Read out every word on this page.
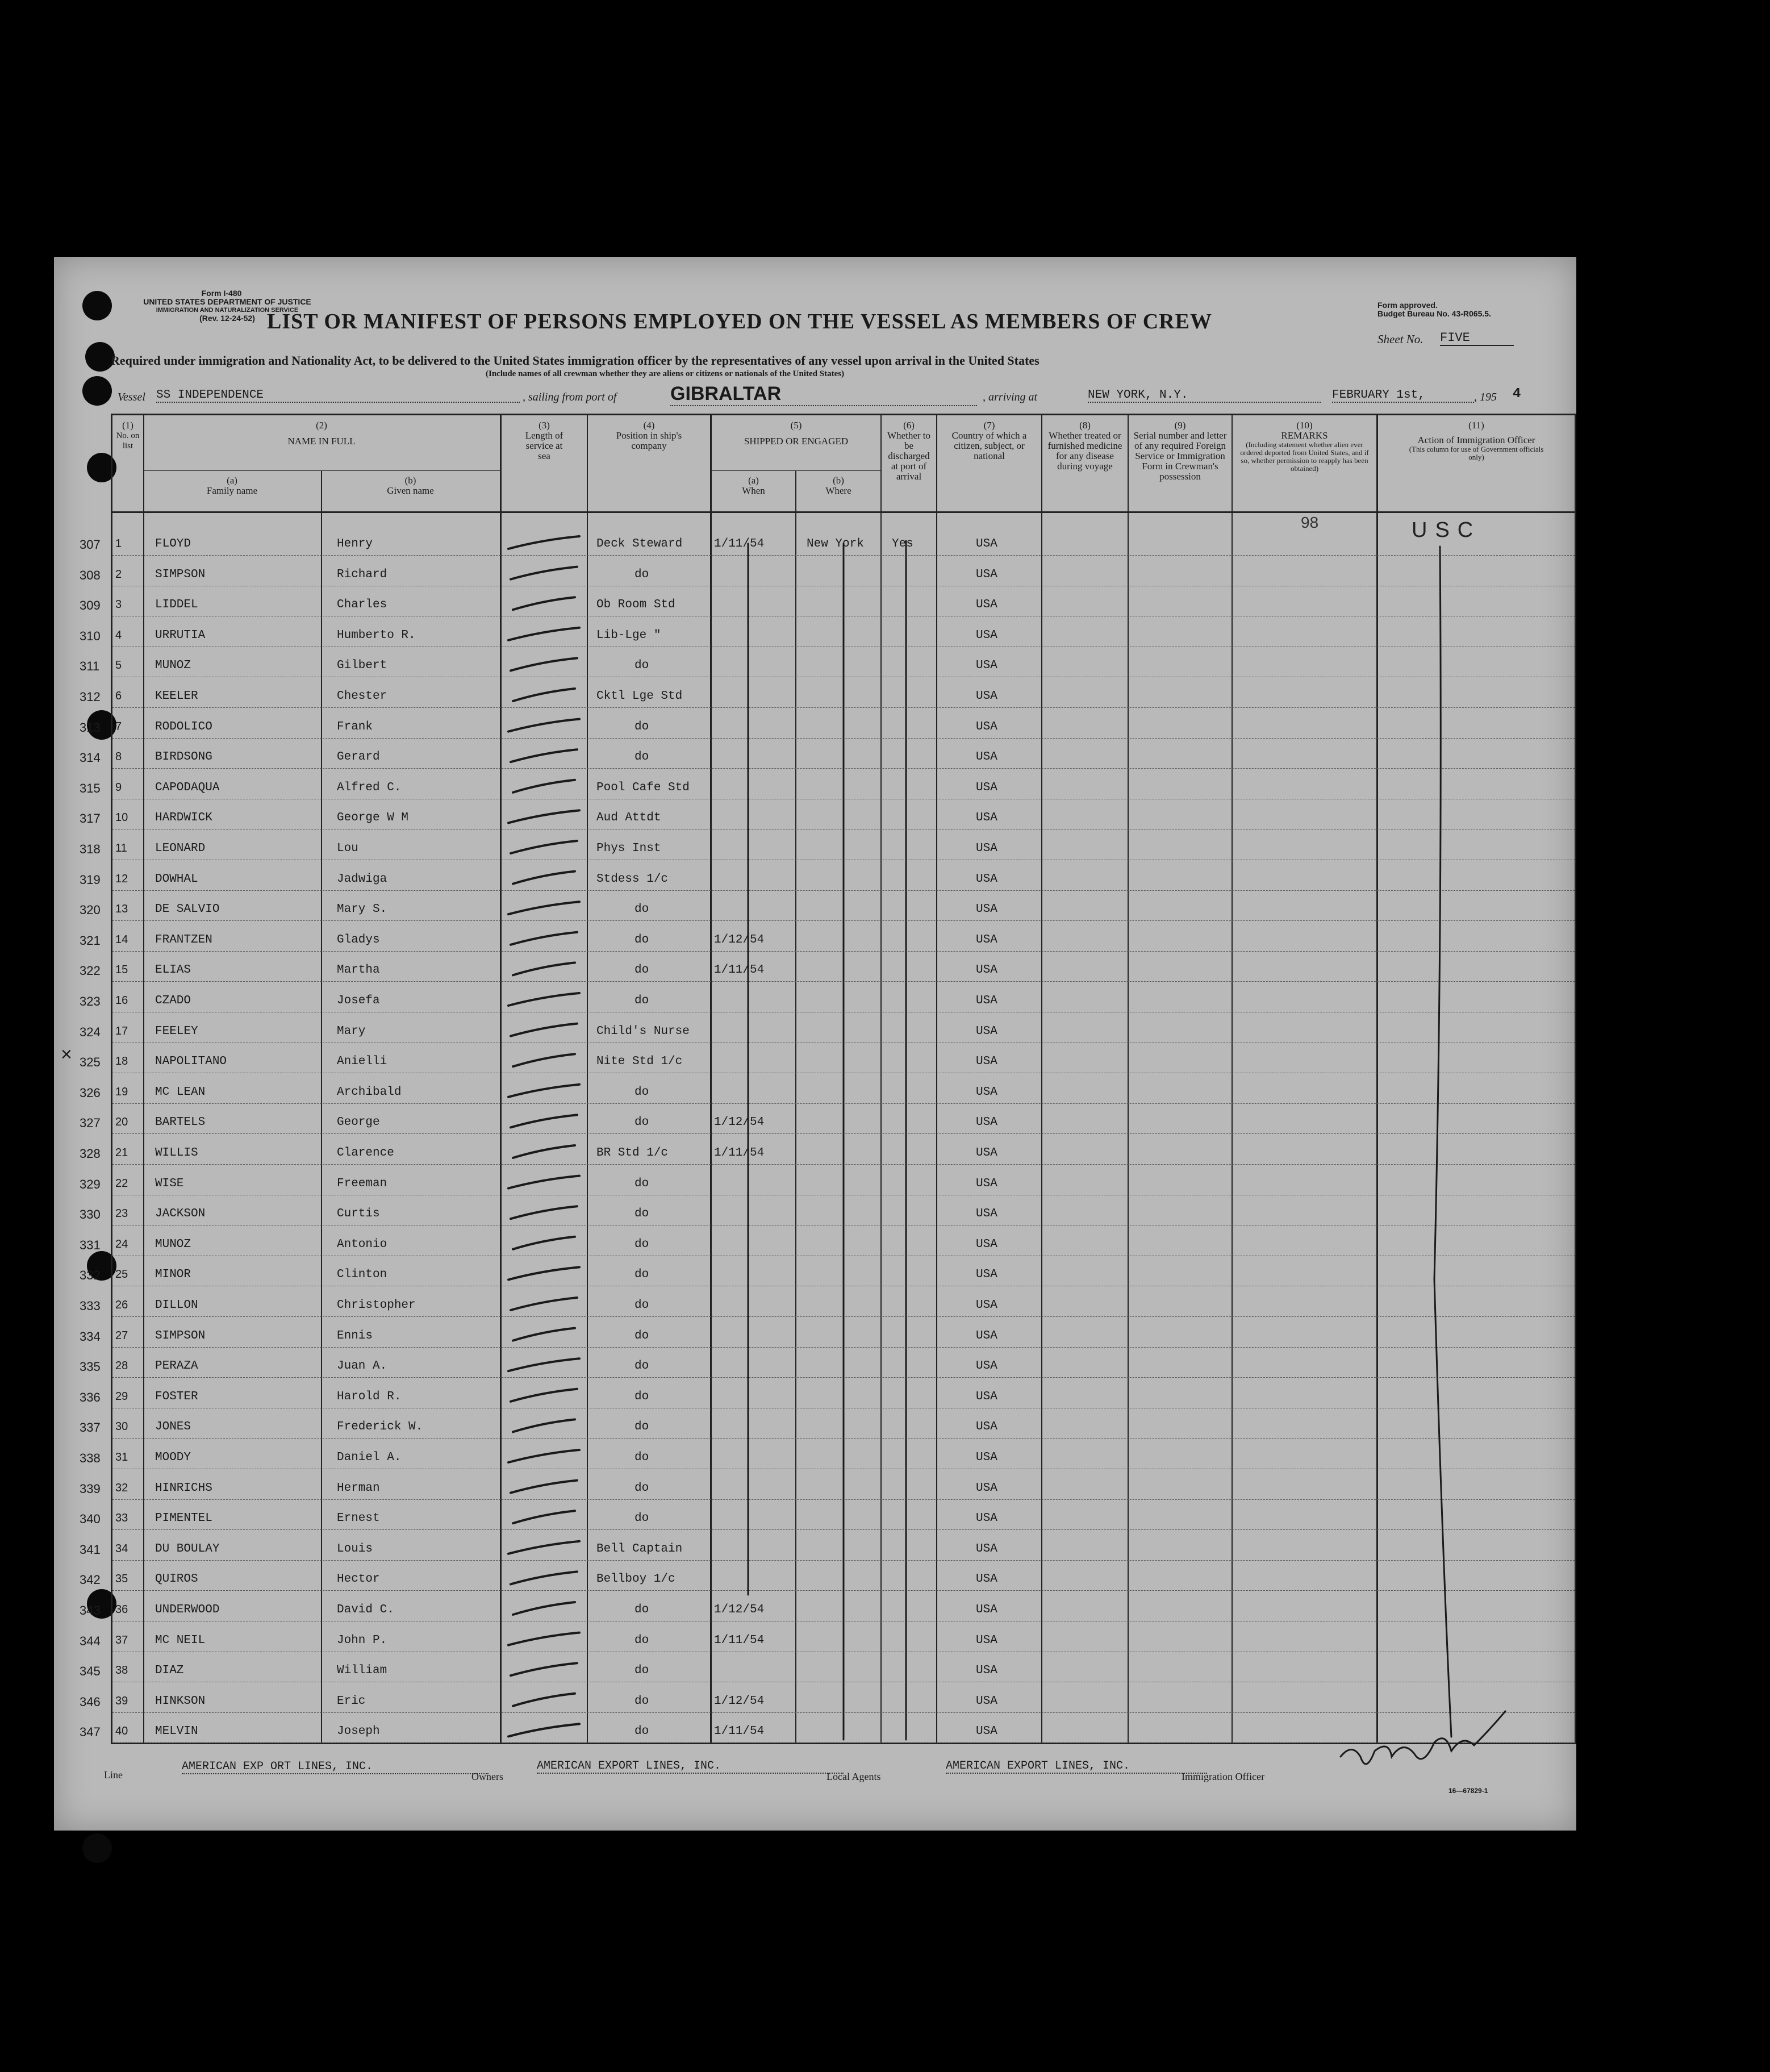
Form I-480
UNITED STATES DEPARTMENT OF JUSTICE
IMMIGRATION AND NATURALIZATION SERVICE
(Rev. 12-24-52)
Form approved.
Budget Bureau No. 43-R065.5.
LIST OR MANIFEST OF PERSONS EMPLOYED ON THE VESSEL AS MEMBERS OF CREW
Sheet No. FIVE
Required under immigration and Nationality Act, to be delivered to the United States immigration officer by the representatives of any vessel upon arrival in the United States
(Include names of all crewman whether they are aliens or citizens or nationals of the United States)
Vessel SS INDEPENDENCE	, sailing from port of	GIBRALTAR	, arriving at	NEW YORK, N.Y.	FEBRUARY 1st,	, 195 4
(1)
No. on list
(2)
NAME IN FULL
(a)
Family name
(b)
Given name
(3)
Length of service at sea
(4)
Position in ship's company
(5)
SHIPPED OR ENGAGED
(a)
When
(b)
Where
(6)
Whether to be discharged at port of arrival
(7)
Country of which a citizen, subject, or national
(8)
Whether treated or furnished medicine for any disease during voyage
(9)
Serial number and letter of any required Foreign Service or Immigration Form in Crewman's possession
(10)
REMARKS
(Including statement whether alien ever ordered deported from United States, and if so, whether permission to reapply has been obtained)
(11)
Action of Immigration Officer
(This column for use of Government officials only)
307 1	FLOYD	Henry	Deck Steward	1/11/54	New York Yes	USA
308 2	SIMPSON	Richard	do	USA
309 3	LIDDEL	Charles	Ob Room Std	USA
310 4	URRUTIA	Humberto R.	Lib-Lge "	USA
311 5	MUNOZ	Gilbert	do	USA
312 6	KEELER	Chester	Cktl Lge Std	USA
313 7	RODOLICO	Frank	do	USA
314 8	BIRDSONG	Gerard	do	USA
315 9	CAPODAQUA	Alfred C.	Pool Cafe Std	USA
317 10 HARDWICK	George W M	Aud Attdt	USA
318 11 LEONARD	Lou	Phys Inst	USA
319 12 DOWHAL	Jadwiga	Stdess 1/c	USA
320 13 DE SALVIO	Mary S.	do	USA
321 14 FRANTZEN	Gladys	do	1/12/54	USA
322 15 ELIAS	Martha	do	1/11/54	USA
323 16 CZADO	Josefa	do	USA
324 17 FEELEY	Mary	Child's Nurse	USA
325 18 NAPOLITANO	Anielli	Nite Std 1/c	USA
326 19 MC LEAN	Archibald	do	USA
327 20 BARTELS	George	do	1/12/54	USA
328 21 WILLIS	Clarence	BR Std 1/c	1/11/54	USA
329 22 WISE	Freeman	do	USA
330 23 JACKSON	Curtis	do	USA
331 24 MUNOZ	Antonio	do	USA
332 25 MINOR	Clinton	do	USA
333 26 DILLON	Christopher	do	USA
334 27 SIMPSON	Ennis	do	USA
335 28 PERAZA	Juan A.	do	USA
336 29 FOSTER	Harold R.	do	USA
337 30 JONES	Frederick W.	do	USA
338 31 MOODY	Daniel A.	do	USA
339 32 HINRICHS	Herman	do	USA
340 33 PIMENTEL	Ernest	do	USA
341 34 DU BOULAY	Louis	Bell Captain	USA
342 35 QUIROS	Hector	Bellboy 1/c	USA
343 36 UNDERWOOD	David C.	do	1/12/54	USA
344 37 MC NEIL	John P.	do	1/11/54	USA
345 38 DIAZ	William	do	USA
346 39 HINKSON	Eric	do	1/12/54	USA
347 40 MELVIN	Joseph	do	1/11/54	USA
98	USC
×
Line
AMERICAN EXP ORT LINES, INC.
Owners
AMERICAN EXPORT LINES, INC.
Local Agents
AMERICAN EXPORT LINES, INC.
Immigration Officer
16—67829-1
